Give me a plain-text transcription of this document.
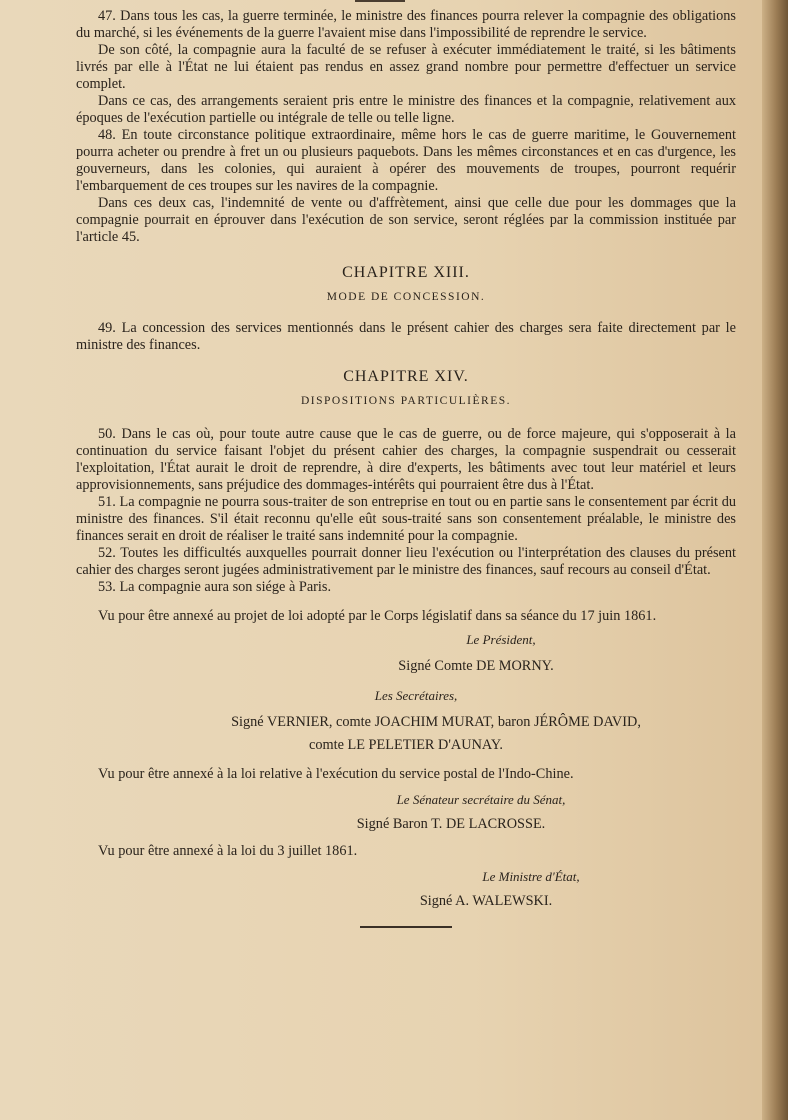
47. Dans tous les cas, la guerre terminée, le ministre des finances pourra relever la compagnie des obligations du marché, si les événements de la guerre l'avaient mise dans l'impossibilité de reprendre le service.

De son côté, la compagnie aura la faculté de se refuser à exécuter immédiatement le traité, si les bâtiments livrés par elle à l'État ne lui étaient pas rendus en assez grand nombre pour permettre d'effectuer un service complet.

Dans ce cas, des arrangements seraient pris entre le ministre des finances et la compagnie, relativement aux époques de l'exécution partielle ou intégrale de telle ou telle ligne.

48. En toute circonstance politique extraordinaire, même hors le cas de guerre maritime, le Gouvernement pourra acheter ou prendre à fret un ou plusieurs paquebots. Dans les mêmes circonstances et en cas d'urgence, les gouverneurs, dans les colonies, qui auraient à opérer des mouvements de troupes, pourront requérir l'embarquement de ces troupes sur les navires de la compagnie.

Dans ces deux cas, l'indemnité de vente ou d'affrètement, ainsi que celle due pour les dommages que la compagnie pourrait en éprouver dans l'exécution de son service, seront réglées par la commission instituée par l'article 45.

CHAPITRE XIII.
MODE DE CONCESSION.

49. La concession des services mentionnés dans le présent cahier des charges sera faite directement par le ministre des finances.

CHAPITRE XIV.
DISPOSITIONS PARTICULIÈRES.

50. Dans le cas où, pour toute autre cause que le cas de guerre, ou de force majeure, qui s'opposerait à la continuation du service faisant l'objet du présent cahier des charges, la compagnie suspendrait ou cesserait l'exploitation, l'État aurait le droit de reprendre, à dire d'experts, les bâtiments avec tout leur matériel et leurs approvisionnements, sans préjudice des dommages-intérêts qui pourraient être dus à l'État.

51. La compagnie ne pourra sous-traiter de son entreprise en tout ou en partie sans le consentement par écrit du ministre des finances. S'il était reconnu qu'elle eût sous-traité sans son consentement préalable, le ministre des finances serait en droit de réaliser le traité sans indemnité pour la compagnie.

52. Toutes les difficultés auxquelles pourrait donner lieu l'exécution ou l'interprétation des clauses du présent cahier des charges seront jugées administrativement par le ministre des finances, sauf recours au conseil d'État.

53. La compagnie aura son siége à Paris.

Vu pour être annexé au projet de loi adopté par le Corps législatif dans sa séance du 17 juin 1861.

Le Président,
Signé Comte DE MORNY.
Les Secrétaires,
Signé VERNIER, comte JOACHIM MURAT, baron JÉRÔME DAVID,
comte LE PELETIER D'AUNAY.

Vu pour être annexé à la loi relative à l'exécution du service postal de l'Indo-Chine.

Le Sénateur secrétaire du Sénat,
Signé Baron T. DE LACROSSE.

Vu pour être annexé à la loi du 3 juillet 1861.

Le Ministre d'État,
Signé A. WALEWSKI.
